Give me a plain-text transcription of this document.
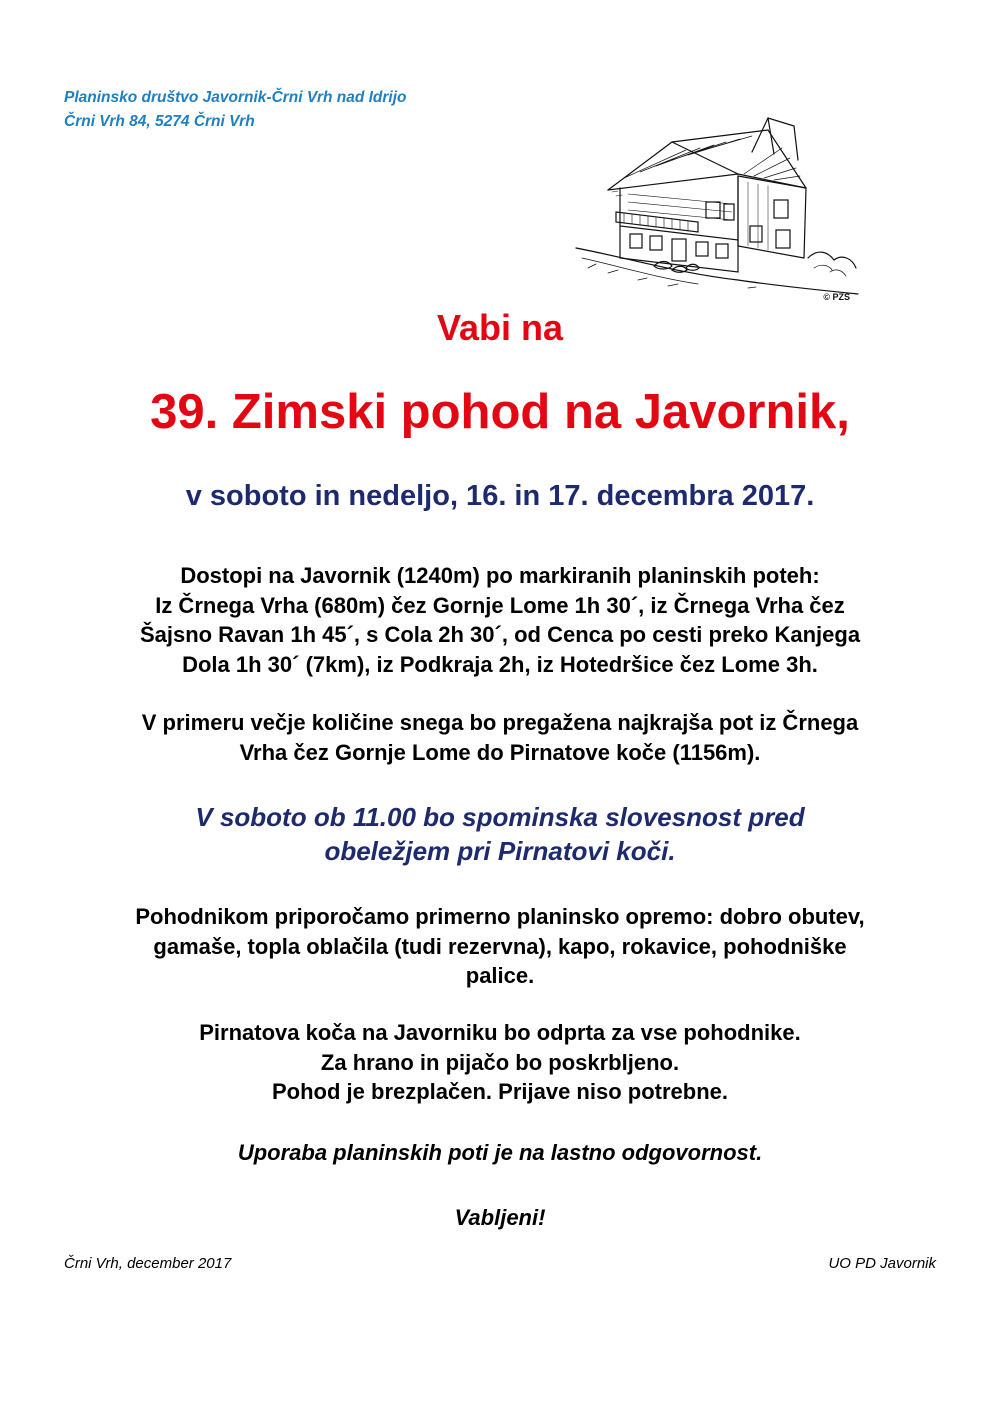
Planinsko društvo Javornik-Črni Vrh nad Idrijo
Črni Vrh 84, 5274 Črni Vrh
© PZS
Vabi na
39. Zimski pohod na Javornik,
v soboto in nedeljo, 16. in 17. decembra 2017.
Dostopi na Javornik (1240m) po markiranih planinskih poteh:
Iz Črnega Vrha (680m) čez Gornje Lome 1h 30´, iz Črnega Vrha čez
Šajsno Ravan 1h 45´, s Cola 2h 30´, od Cenca po cesti preko Kanjega
Dola 1h 30´ (7km), iz Podkraja 2h, iz Hotedršice čez Lome 3h.
V primeru večje količine snega bo pregažena najkrajša pot iz Črnega
Vrha čez Gornje Lome do Pirnatove koče (1156m).
V soboto ob 11.00 bo spominska slovesnost pred
obeležjem pri Pirnatovi koči.
Pohodnikom priporočamo primerno planinsko opremo: dobro obutev,
gamaše, topla oblačila (tudi rezervna), kapo, rokavice, pohodniške
palice.
Pirnatova koča na Javorniku bo odprta za vse pohodnike.
Za hrano in pijačo bo poskrbljeno.
Pohod je brezplačen. Prijave niso potrebne.
Uporaba planinskih poti je na lastno odgovornost.
Vabljeni!
Črni Vrh, december 2017	UO PD Javornik
